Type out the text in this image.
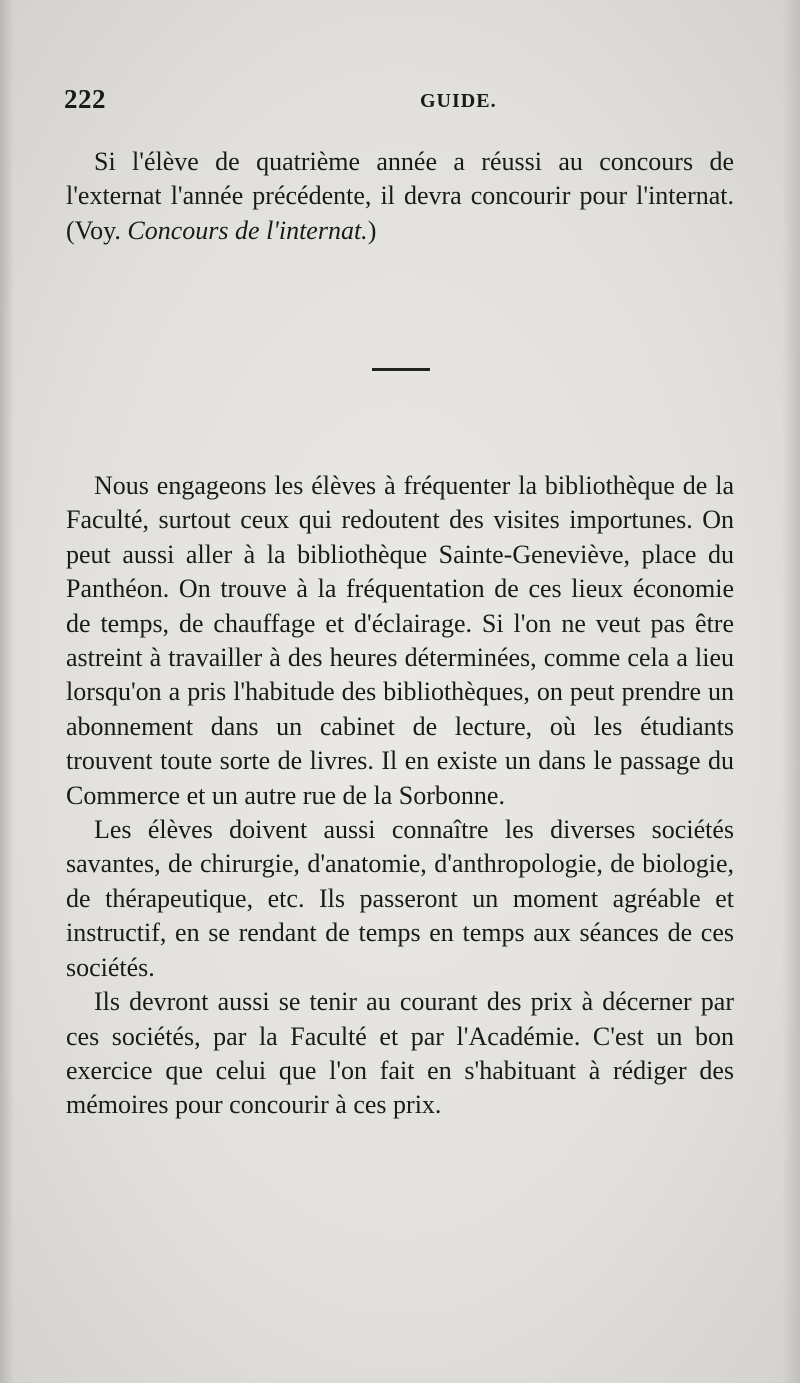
222	GUIDE.

Si l'élève de quatrième année a réussi au concours de l'externat l'année précédente, il devra concourir pour l'internat. (Voy. Concours de l'internat.)

Nous engageons les élèves à fréquenter la bibliothèque de la Faculté, surtout ceux qui redoutent des visites importunes. On peut aussi aller à la bibliothèque Sainte-Geneviève, place du Panthéon. On trouve à la fréquentation de ces lieux économie de temps, de chauffage et d'éclairage. Si l'on ne veut pas être astreint à travailler à des heures déterminées, comme cela a lieu lorsqu'on a pris l'habitude des bibliothèques, on peut prendre un abonnement dans un cabinet de lecture, où les étudiants trouvent toute sorte de livres. Il en existe un dans le passage du Commerce et un autre rue de la Sorbonne.

Les élèves doivent aussi connaître les diverses sociétés savantes, de chirurgie, d'anatomie, d'anthropologie, de biologie, de thérapeutique, etc. Ils passeront un moment agréable et instructif, en se rendant de temps en temps aux séances de ces sociétés.

Ils devront aussi se tenir au courant des prix à décerner par ces sociétés, par la Faculté et par l'Académie. C'est un bon exercice que celui que l'on fait en s'habituant à rédiger des mémoires pour concourir à ces prix.
